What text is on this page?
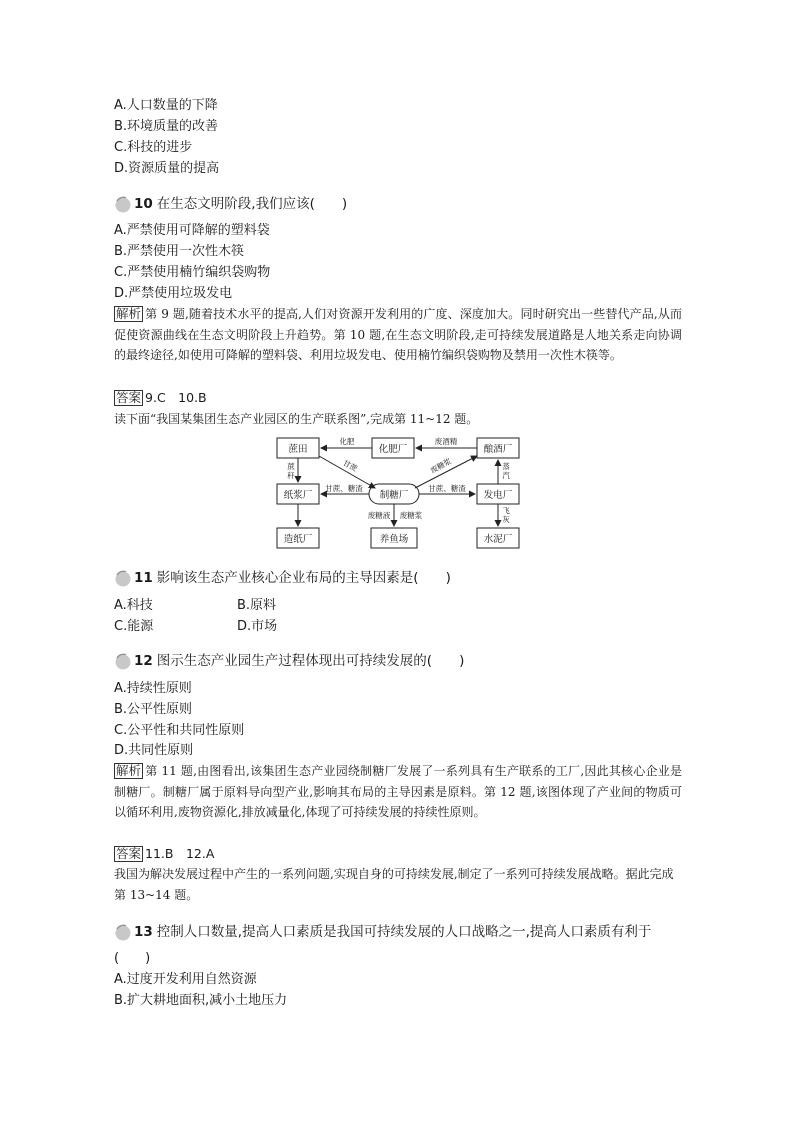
A.人口数量的下降
B.环境质量的改善
C.科技的进步
D.资源质量的提高
10 在生态文明阶段,我们应该(　　)
A.严禁使用可降解的塑料袋
B.严禁使用一次性木筷
C.严禁使用楠竹编织袋购物
D.严禁使用垃圾发电
解析 第 9 题,随着技术水平的提高,人们对资源开发利用的广度、深度加大。同时研究出一些替代产品,从而促使资源曲线在生态文明阶段上升趋势。第 10 题,在生态文明阶段,走可持续发展道路是人地关系走向协调的最终途径,如使用可降解的塑料袋、利用垃圾发电、使用楠竹编织袋购物及禁用一次性木筷等。
答案 9.C　10.B
读下面“我国某集团生态产业园区的生产联系图”,完成第 11~12 题。
蔗田	化肥厂	酿酒厂
纸浆厂	制糖厂	发电厂
造纸厂	养鱼场	水泥厂
化肥	废酒精
蔗
秆
甘蔗	废糖浆	蒸
汽
甘蔗、糖渣	甘蔗、糖渣
废糖液 废糖浆
飞
灰
11 影响该生态产业核心企业布局的主导因素是(　　)
A.科技	B.原料
C.能源	D.市场
12 图示生态产业园生产过程体现出可持续发展的(　　)
A.持续性原则
B.公平性原则
C.公平性和共同性原则
D.共同性原则
解析 第 11 题,由图看出,该集团生态产业园绕制糖厂发展了一系列具有生产联系的工厂,因此其核心企业是制糖厂。制糖厂属于原料导向型产业,影响其布局的主导因素是原料。第 12 题,该图体现了产业间的物质可以循环利用,废物资源化,排放减量化,体现了可持续发展的持续性原则。
答案 11.B　12.A
我国为解决发展过程中产生的一系列问题,实现自身的可持续发展,制定了一系列可持续发展战略。据此完成第 13~14 题。
13 控制人口数量,提高人口素质是我国可持续发展的人口战略之一,提高人口素质有利于
(　　)
A.过度开发利用自然资源
B.扩大耕地面积,减小土地压力
